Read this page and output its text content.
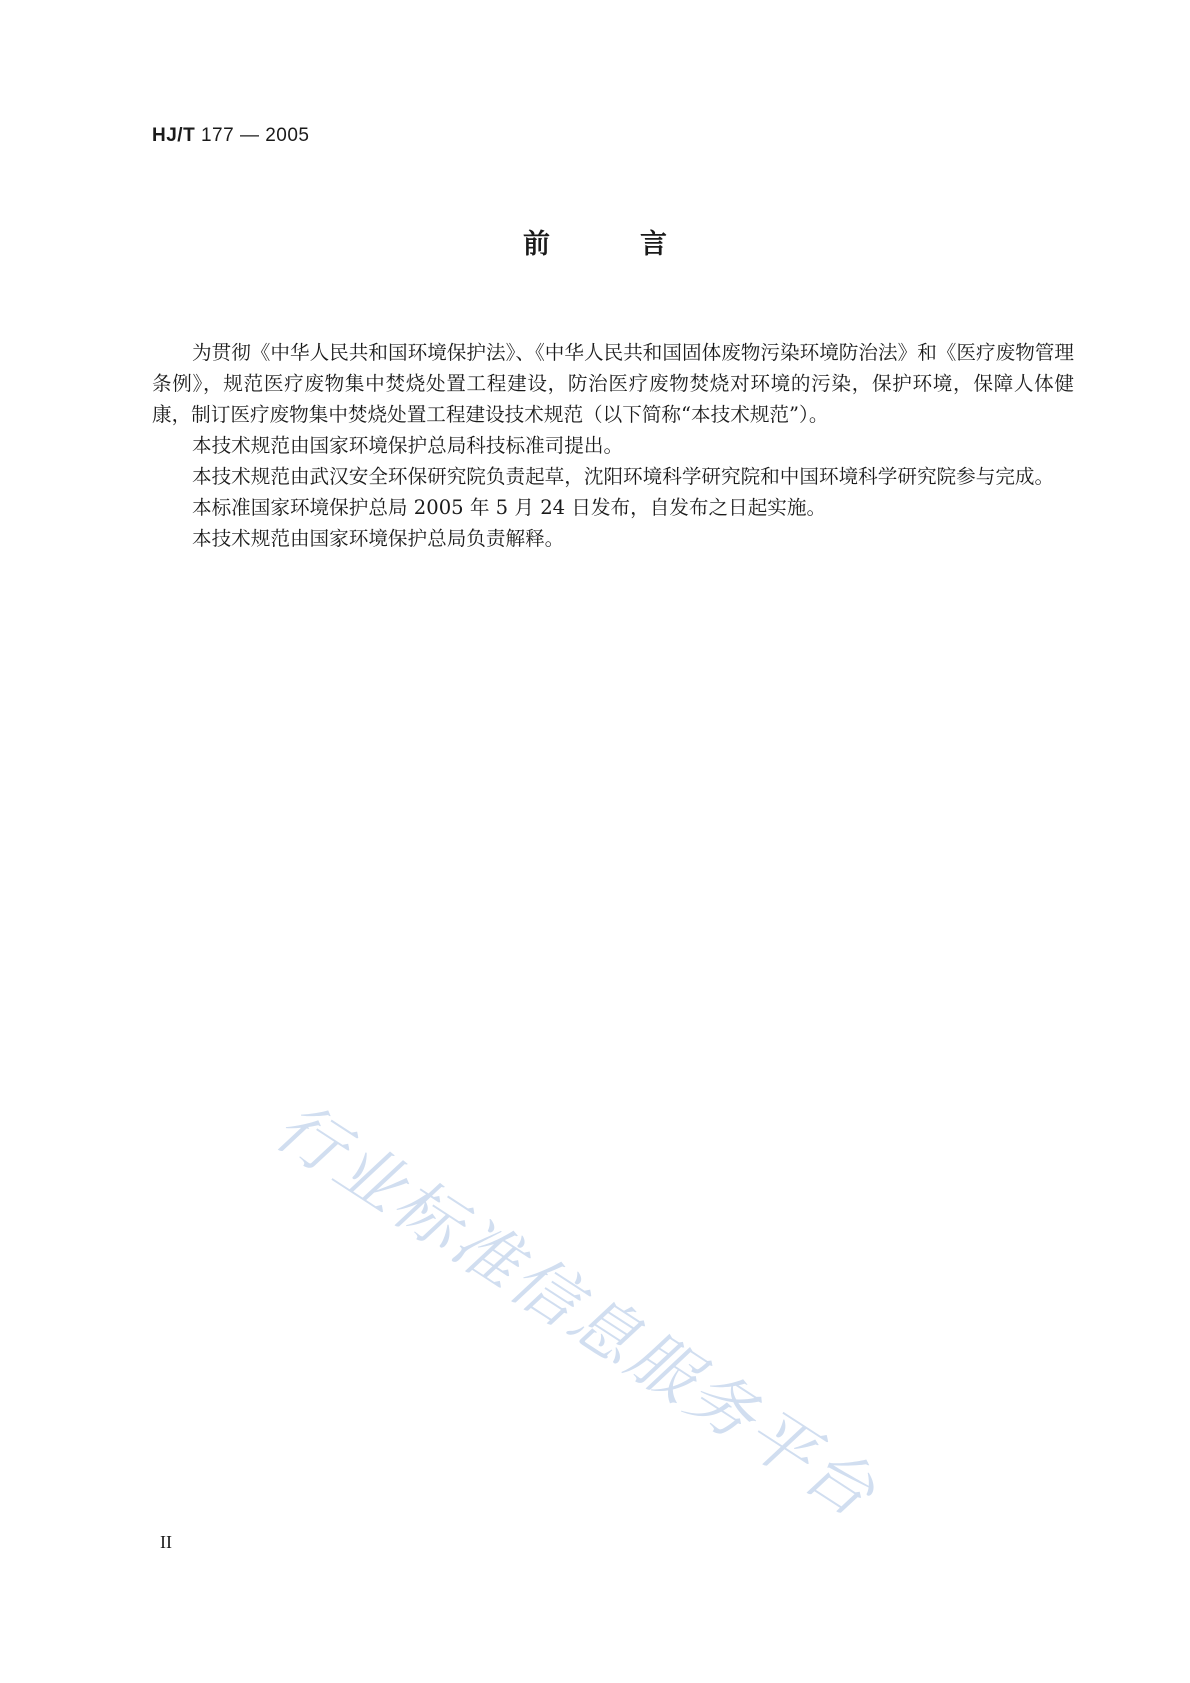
HJ/T 177 — 2005
前言

为贯彻《中华人民共和国环境保护法》、《中华人民共和国固体废物污染环境防治法》和《医疗废物管理条例》，规范医疗废物集中焚烧处置工程建设，防治医疗废物焚烧对环境的污染，保护环境，保障人体健康，制订医疗废物集中焚烧处置工程建设技术规范（以下简称“本技术规范”）。

本技术规范由国家环境保护总局科技标准司提出。

本技术规范由武汉安全环保研究院负责起草，沈阳环境科学研究院和中国环境科学研究院参与完成。

本标准国家环境保护总局 2005 年 5 月 24 日发布，自发布之日起实施。

本技术规范由国家环境保护总局负责解释。

行业标准信息服务平台
II
